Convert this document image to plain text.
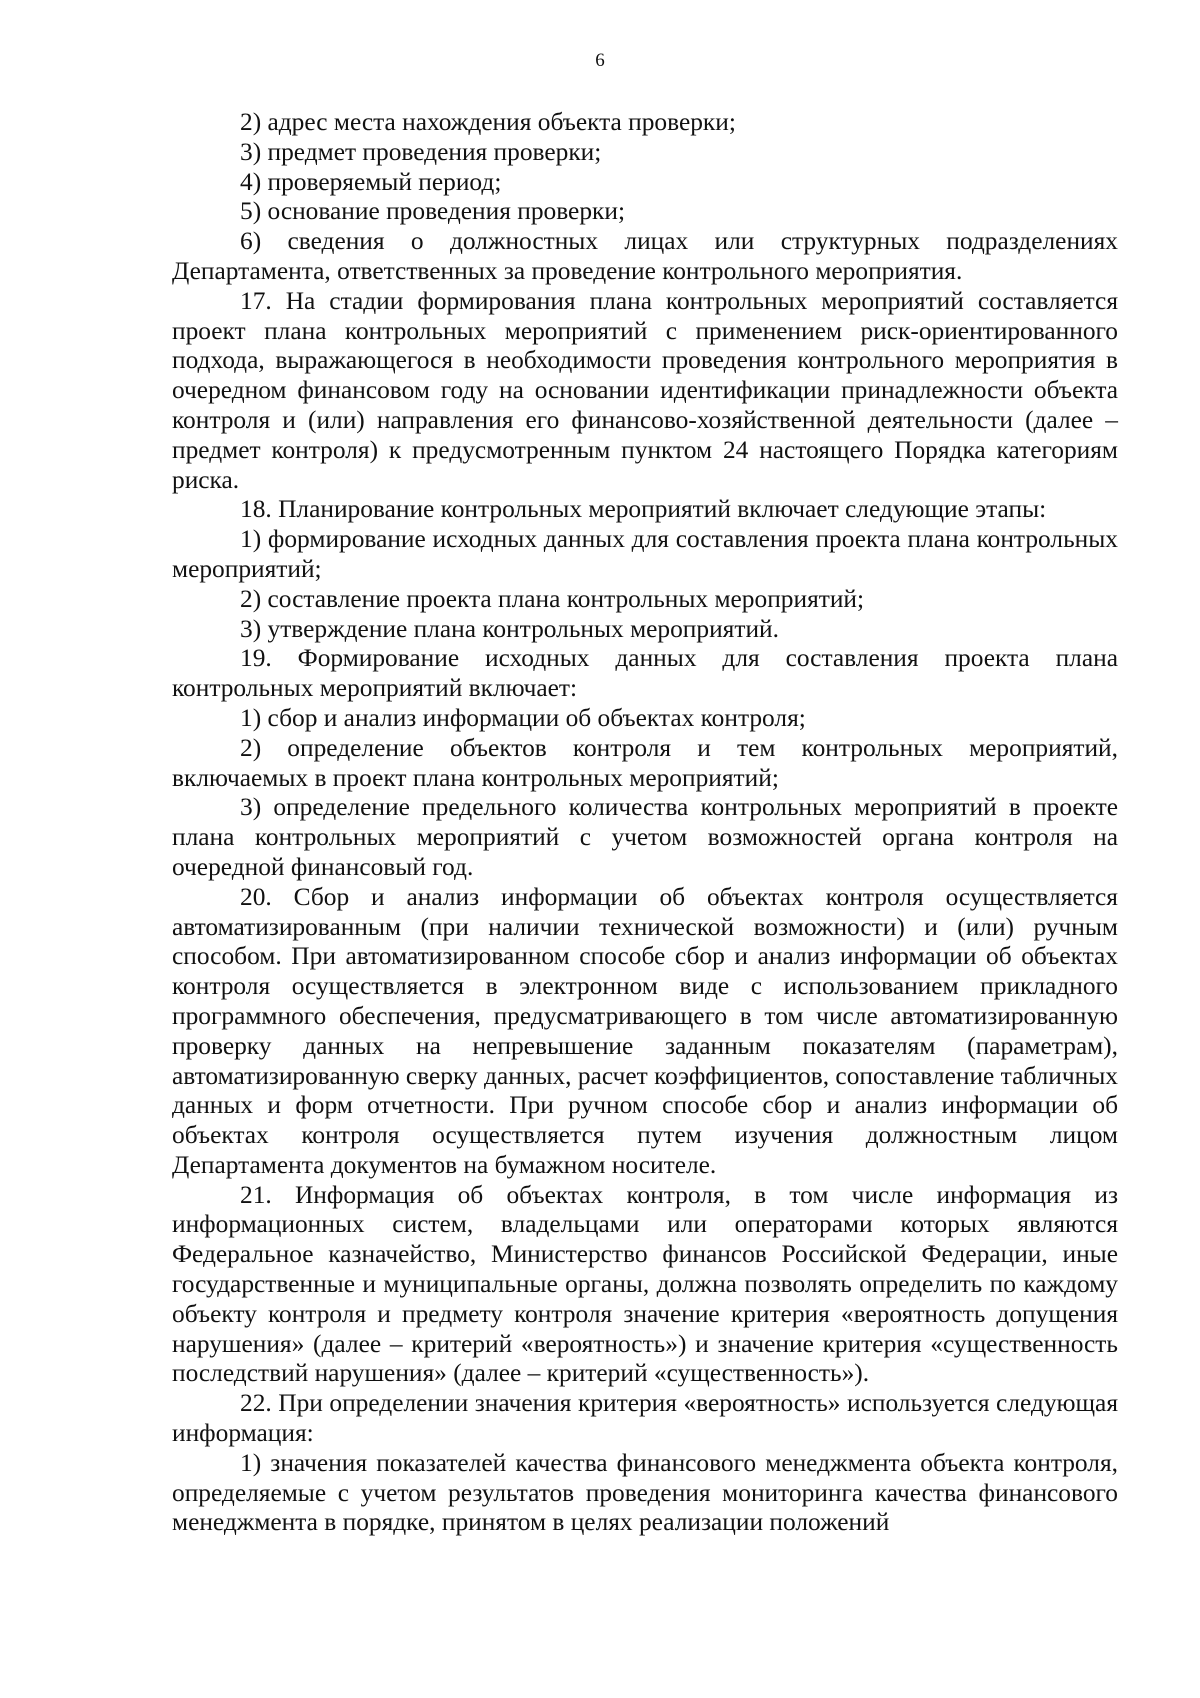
6

2) адрес места нахождения объекта проверки;

3) предмет проведения проверки;

4) проверяемый период;

5) основание проведения проверки;

6) сведения о должностных лицах или структурных подразделениях Департамента, ответственных за проведение контрольного мероприятия.

17. На стадии формирования плана контрольных мероприятий составляется проект плана контрольных мероприятий с применением риск-ориентированного подхода, выражающегося в необходимости проведения контрольного мероприятия в очередном финансовом году на основании идентификации принадлежности объекта контроля и (или) направления его финансово-хозяйственной деятельности (далее – предмет контроля) к предусмотренным пунктом 24 настоящего Порядка категориям риска.

18. Планирование контрольных мероприятий включает следующие этапы:

1) формирование исходных данных для составления проекта плана контрольных мероприятий;

2) составление проекта плана контрольных мероприятий;

3) утверждение плана контрольных мероприятий.

19. Формирование исходных данных для составления проекта плана контрольных мероприятий включает:

1) сбор и анализ информации об объектах контроля;

2) определение объектов контроля и тем контрольных мероприятий, включаемых в проект плана контрольных мероприятий;

3) определение предельного количества контрольных мероприятий в проекте плана контрольных мероприятий с учетом возможностей органа контроля на очередной финансовый год.

20. Сбор и анализ информации об объектах контроля осуществляется автоматизированным (при наличии технической возможности) и (или) ручным способом. При автоматизированном способе сбор и анализ информации об объектах контроля осуществляется в электронном виде с использованием прикладного программного обеспечения, предусматривающего в том числе автоматизированную проверку данных на непревышение заданным показателям (параметрам), автоматизированную сверку данных, расчет коэффициентов, сопоставление табличных данных и форм отчетности. При ручном способе сбор и анализ информации об объектах контроля осуществляется путем изучения должностным лицом Департамента документов на бумажном носителе.

21. Информация об объектах контроля, в том числе информация из информационных систем, владельцами или операторами которых являются Федеральное казначейство, Министерство финансов Российской Федерации, иные государственные и муниципальные органы, должна позволять определить по каждому объекту контроля и предмету контроля значение критерия «вероятность допущения нарушения» (далее – критерий «вероятность») и значение критерия «существенность последствий нарушения» (далее – критерий «существенность»).

22. При определении значения критерия «вероятность» используется следующая информация:

1) значения показателей качества финансового менеджмента объекта контроля, определяемые с учетом результатов проведения мониторинга качества финансового менеджмента в порядке, принятом в целях реализации положений
